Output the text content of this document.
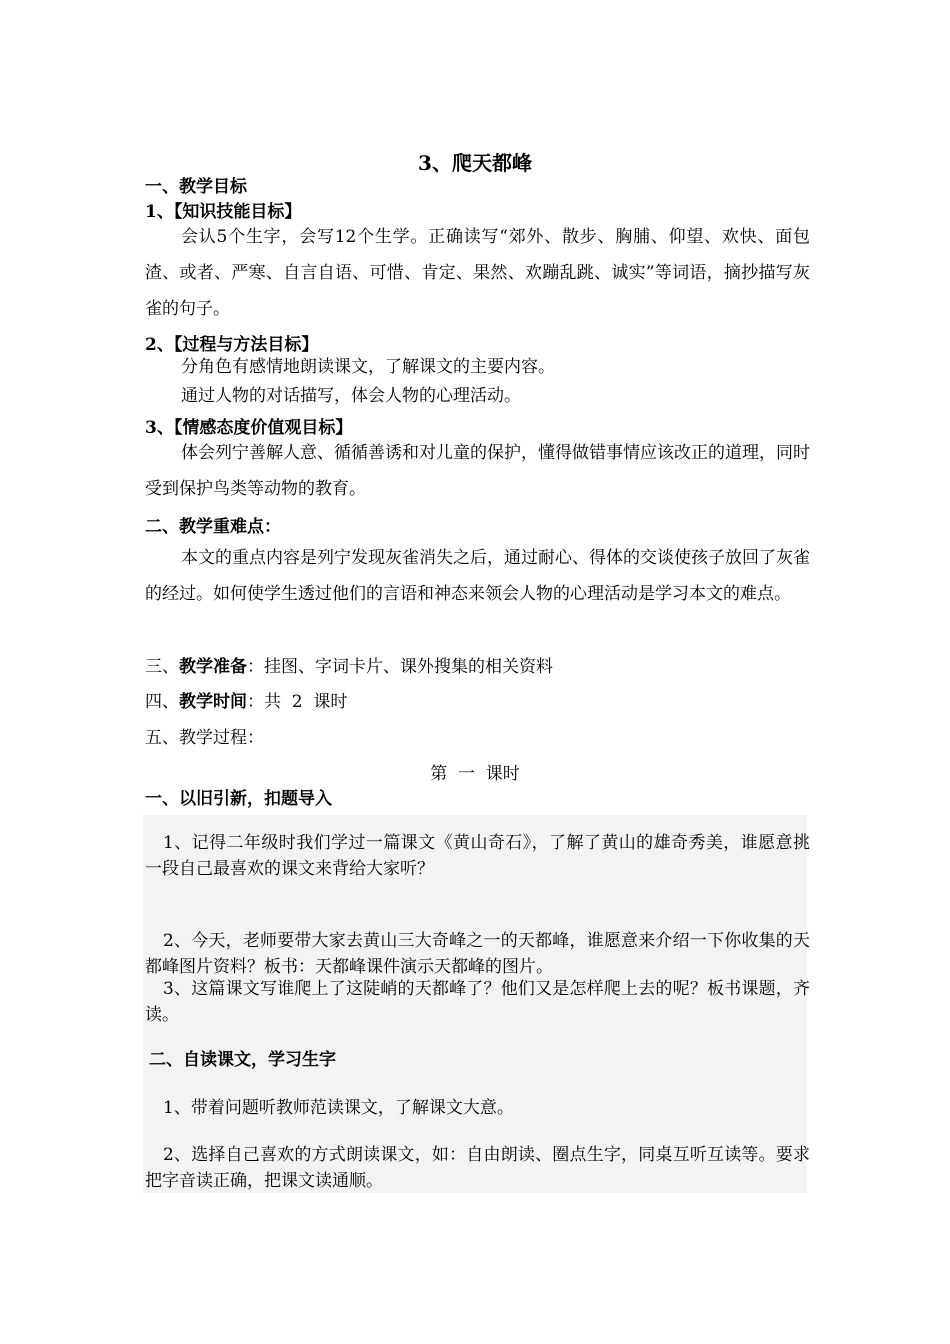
3、爬天都峰
一、教学目标
1、【知识技能目标】
会认5个生字，会写12个生学。正确读写“郊外、散步、胸脯、仰望、欢快、面包渣、或者、严寒、自言自语、可惜、肯定、果然、欢蹦乱跳、诚实”等词语，摘抄描写灰雀的句子。
2、【过程与方法目标】
分角色有感情地朗读课文，了解课文的主要内容。
通过人物的对话描写，体会人物的心理活动。
3、【情感态度价值观目标】
体会列宁善解人意、循循善诱和对儿童的保护，懂得做错事情应该改正的道理，同时受到保护鸟类等动物的教育。
二、教学重难点：
本文的重点内容是列宁发现灰雀消失之后，通过耐心、得体的交谈使孩子放回了灰雀的经过。如何使学生透过他们的言语和神态来领会人物的心理活动是学习本文的难点。
三、教学准备：挂图、字词卡片、课外搜集的相关资料
四、教学时间：共  2  课时
五、教学过程：
第  一  课时
一、以旧引新，扣题导入
1、记得二年级时我们学过一篇课文《黄山奇石》，了解了黄山的雄奇秀美，谁愿意挑一段自己最喜欢的课文来背给大家听？
2、今天，老师要带大家去黄山三大奇峰之一的天都峰，谁愿意来介绍一下你收集的天都峰图片资料？板书：天都峰课件演示天都峰的图片。
3、这篇课文写谁爬上了这陡峭的天都峰了？他们又是怎样爬上去的呢？板书课题，齐读。
二、自读课文，学习生字
1、带着问题听教师范读课文，了解课文大意。
2、选择自己喜欢的方式朗读课文，如：自由朗读、圈点生字，同桌互听互读等。要求把字音读正确，把课文读通顺。
